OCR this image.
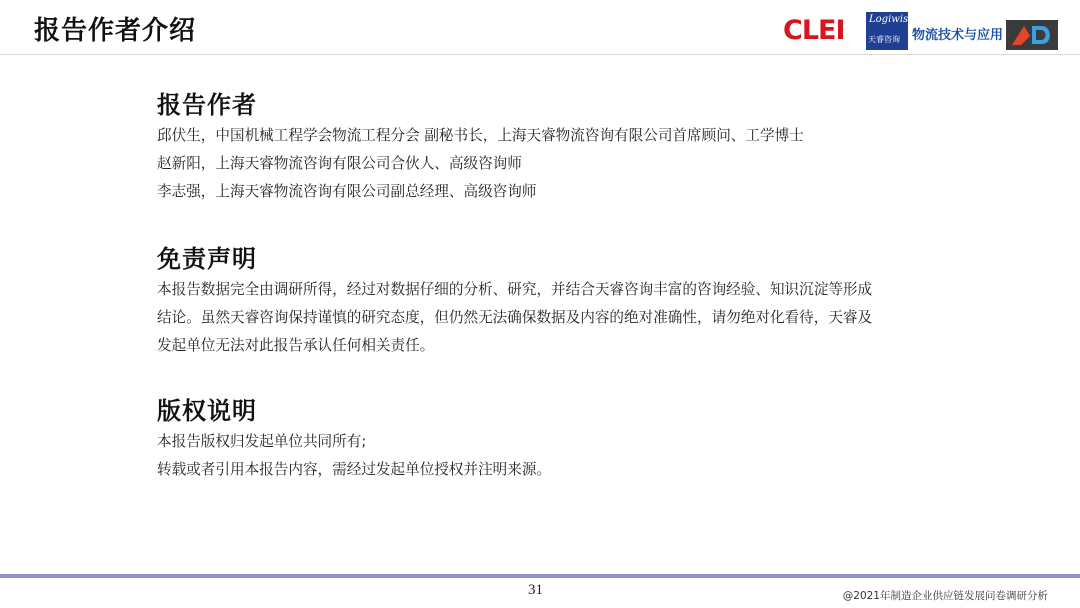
报告作者介绍	CLEI Logiwis
天睿咨询 物流技术与应用
报告作者
邱伏生，中国机械工程学会物流工程分会 副秘书长，上海天睿物流咨询有限公司首席顾问、工学博士
赵新阳，上海天睿物流咨询有限公司合伙人、高级咨询师
李志强，上海天睿物流咨询有限公司副总经理、高级咨询师
免责声明
本报告数据完全由调研所得，经过对数据仔细的分析、研究，并结合天睿咨询丰富的咨询经验、知识沉淀等形成
结论。虽然天睿咨询保持谨慎的研究态度，但仍然无法确保数据及内容的绝对准确性，请勿绝对化看待，天睿及
发起单位无法对此报告承认任何相关责任。
版权说明
本报告版权归发起单位共同所有;
转载或者引用本报告内容，需经过发起单位授权并注明来源。
31	@2021年制造企业供应链发展问卷调研分析
